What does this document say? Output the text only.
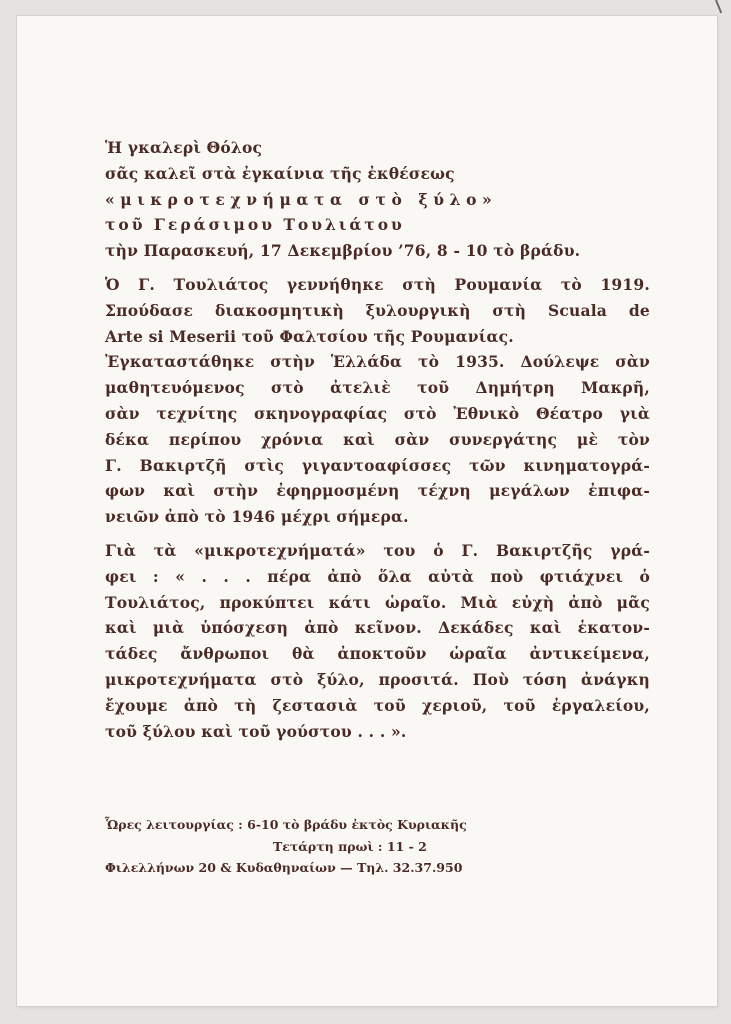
Ἡ γκαλερὶ Θόλος
σᾶς καλεῖ στὰ ἐγκαίνια τῆς ἐκθέσεως
«μικροτεχνήματα στὸ ξύλο»
τοῦ Γεράσιμου Τουλιάτου
τὴν Παρασκευή, 17 Δεκεμβρίου ’76, 8 - 10 τὸ βράδυ.
Ὁ Γ. Τουλιάτος γεννήθηκε στὴ Ρουμανία τὸ 1919.
Σπούδασε διακοσμητικὴ ξυλουργικὴ στὴ Scuala de
Arte si Meserii τοῦ Φαλτσίου τῆς Ρουμανίας.
Ἐγκαταστάθηκε στὴν Ἑλλάδα τὸ 1935. Δούλεψε σὰν
μαθητευόμενος στὸ ἀτελιὲ τοῦ Δημήτρη Μακρῆ,
σὰν τεχνίτης σκηνογραφίας στὸ Ἐθνικὸ Θέατρο γιὰ
δέκα περίπου χρόνια καὶ σὰν συνεργάτης μὲ τὸν
Γ. Βακιρτζῆ στὶς γιγαντοαφίσσες τῶν κινηματογρά-
φων καὶ στὴν ἐφηρμοσμένη τέχνη μεγάλων ἐπιφα-
νειῶν ἀπὸ τὸ 1946 μέχρι σήμερα.
Γιὰ τὰ «μικροτεχνήματά» του ὁ Γ. Βακιρτζῆς γρά-
φει : « . . . πέρα ἀπὸ ὅλα αὐτὰ ποὺ φτιάχνει ὁ
Τουλιάτος, προκύπτει κάτι ὡραῖο. Μιὰ εὐχὴ ἀπὸ μᾶς
καὶ μιὰ ὑπόσχεση ἀπὸ κεῖνον. Δεκάδες καὶ ἑκατον-
τάδες ἄνθρωποι θὰ ἀποκτοῦν ὡραῖα ἀντικείμενα,
μικροτεχνήματα στὸ ξύλο, προσιτά. Ποὺ τόση ἀνάγκη
ἔχουμε ἀπὸ τὴ ζεστασιὰ τοῦ χεριοῦ, τοῦ ἐργαλείου,
τοῦ ξύλου καὶ τοῦ γούστου . . . ».
Ὧρες λειτουργίας : 6-10 τὸ βράδυ ἐκτὸς Κυριακῆς
Τετάρτη πρωὶ : 11 - 2
Φιλελλήνων 20 & Κυδαθηναίων — Τηλ. 32.37.950
